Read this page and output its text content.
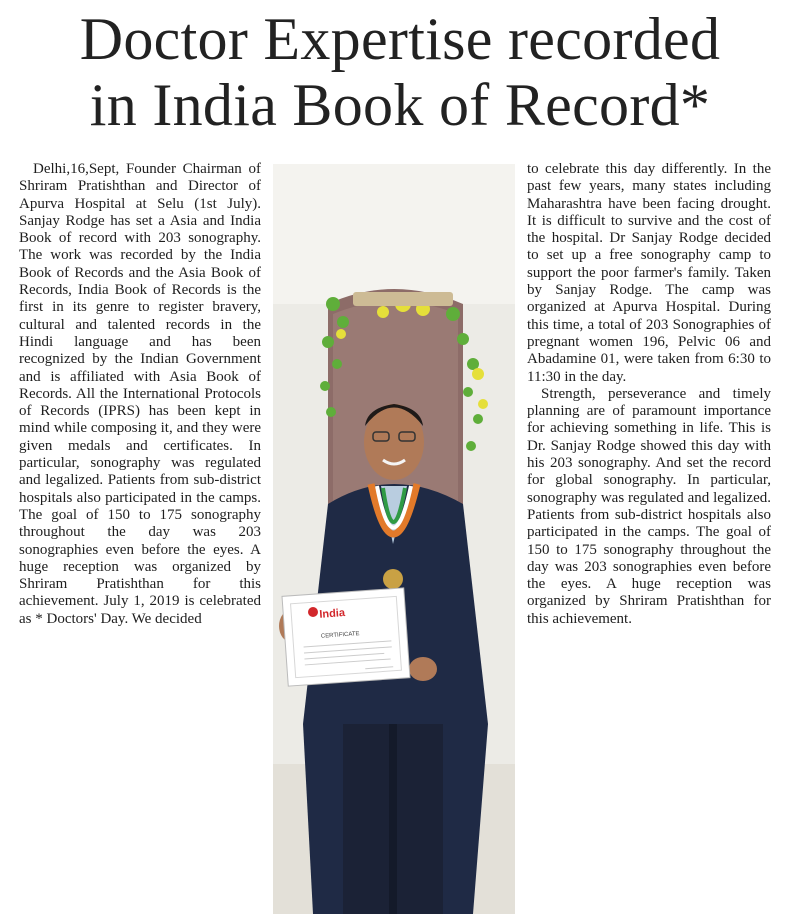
Doctor Expertise recorded
in India Book of Record*

Delhi,16,Sept, Founder Chairman of Shriram Pratishthan and Director of Apurva Hospital at Selu (1st July). Sanjay Rodge has set a Asia and India Book of record with 203 sonography. The work was recorded by the India Book of Records and the Asia Book of Records, India Book of Records is the first in its genre to register bravery, cultural and talented records in the Hindi language and has been recognized by the Indian Government and is affiliated with Asia Book of Records. All the International Protocols of Records (IPRS) has been kept in mind while composing it, and they were given medals and certificates. In particular, sonography was regulated and legalized. Patients from sub-district hospitals also participated in the camps. The goal of 150 to 175 sonography throughout the day was 203 sonographies even before the eyes. A huge reception was organized by Shriram Pratishthan for this achievement. July 1, 2019 is celebrated as * Doctors' Day. We decided	India
CERTIFICATE

to celebrate this day differently. In the past few years, many states including Maharashtra have been facing drought. It is difficult to survive and the cost of the hospital. Dr Sanjay Rodge decided to set up a free sonography camp to support the poor farmer's family. Taken by Sanjay Rodge. The camp was organized at Apurva Hospital. During this time, a total of 203 Sonographies of pregnant women 196, Pelvic 06 and Abadamine 01, were taken from 6:30 to 11:30 in the day.

Strength, perseverance and timely planning are of paramount importance for achieving something in life. This is Dr. Sanjay Rodge showed this day with his 203 sonography. And set the record for global sonography. In particular, sonography was regulated and legalized. Patients from sub-district hospitals also participated in the camps. The goal of 150 to 175 sonography throughout the day was 203 sonographies even before the eyes. A huge reception was organized by Shriram Pratishthan for this achievement.
